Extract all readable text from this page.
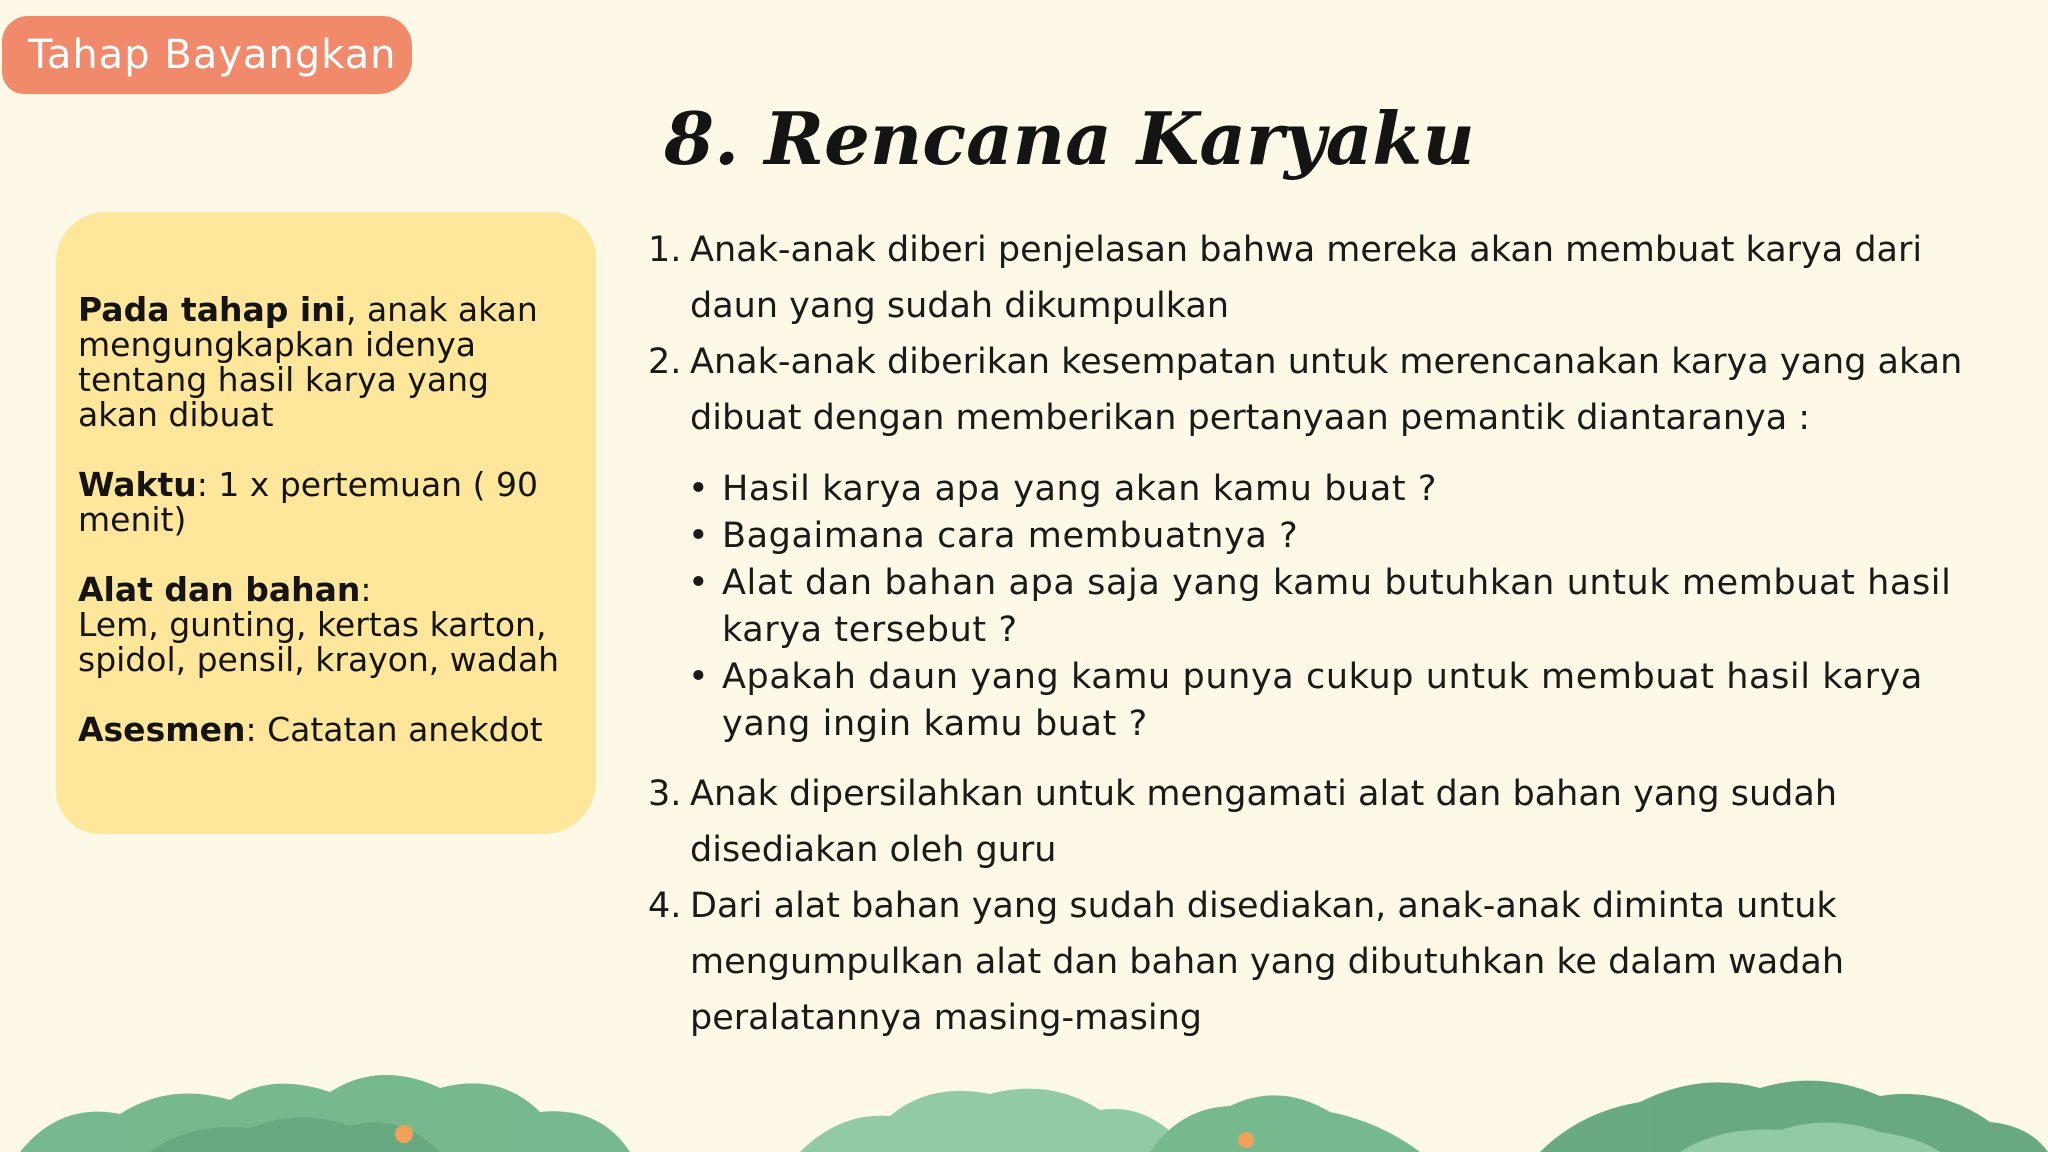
Tahap Bayangkan
8. Rencana Karyaku

Pada tahap ini, anak akan mengungkapkan idenya tentang hasil karya yang akan dibuat

Waktu: 1 x pertemuan ( 90 menit)

Alat dan bahan:
Lem, gunting, kertas karton, spidol, pensil, krayon, wadah

Asesmen: Catatan anekdot

1. Anak-anak diberi penjelasan bahwa mereka akan membuat karya dari daun yang sudah dikumpulkan
2. Anak-anak diberikan kesempatan untuk merencanakan karya yang akan dibuat dengan memberikan pertanyaan pemantik diantaranya :
• Hasil karya apa yang akan kamu buat ?
• Bagaimana cara membuatnya ?
• Alat dan bahan apa saja yang kamu butuhkan untuk membuat hasil karya tersebut ?
• Apakah daun yang kamu punya cukup untuk membuat hasil karya yang ingin kamu buat ?
3. Anak dipersilahkan untuk mengamati alat dan bahan yang sudah disediakan oleh guru
4. Dari alat bahan yang sudah disediakan, anak-anak diminta untuk mengumpulkan alat dan bahan yang dibutuhkan ke dalam wadah peralatannya masing-masing
